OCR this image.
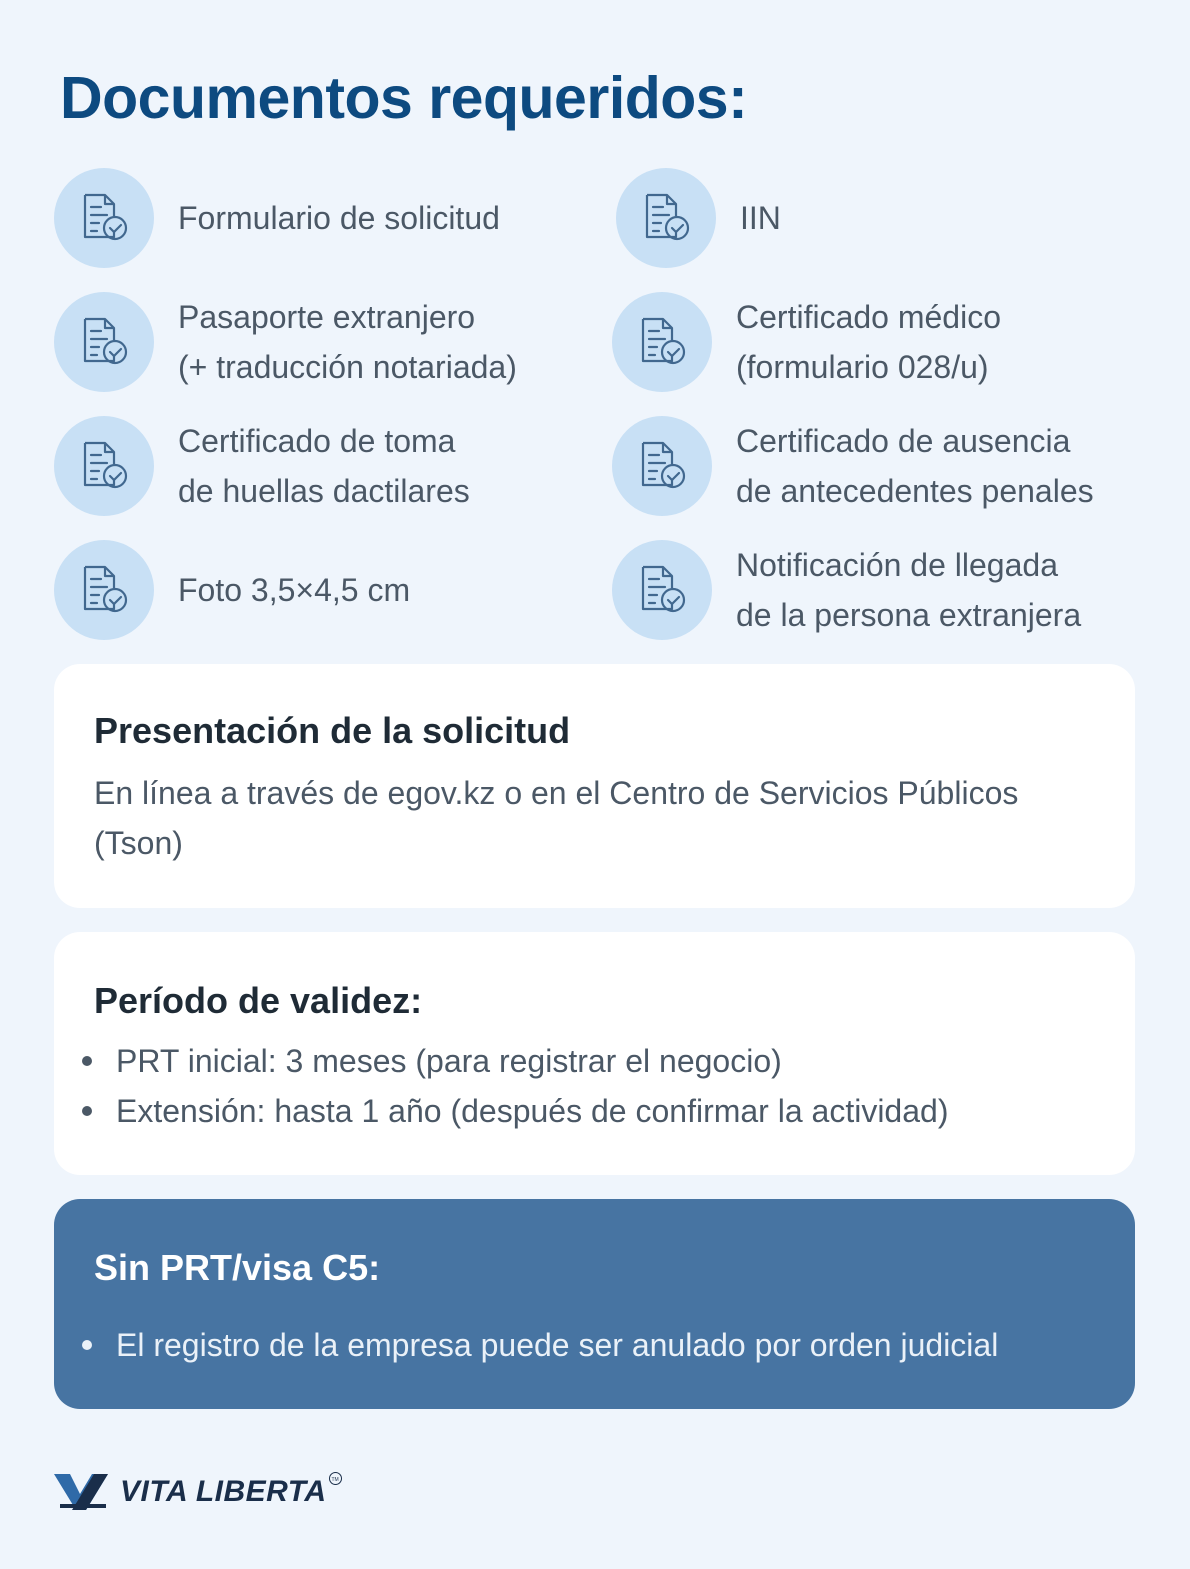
Documentos requeridos:
Formulario de solicitud	IIN
Pasaporte extranjero
(+ traducción notariada)
Certificado médico
(formulario 028/u)
Certificado de toma
de huellas dactilares
Certificado de ausencia
de antecedentes penales
Foto 3,5×4,5 cm
Notificación de llegada
de la persona extranjera
Presentación de la solicitud
En línea a través de egov.kz o en el Centro de Servicios Públicos
(Tson)
Período de validez:
PRT inicial: 3 meses (para registrar el negocio)
Extensión: hasta 1 año (después de confirmar la actividad)
Sin PRT/visa C5:
El registro de la empresa puede ser anulado por orden judicial
VITA LIBERTA TM
